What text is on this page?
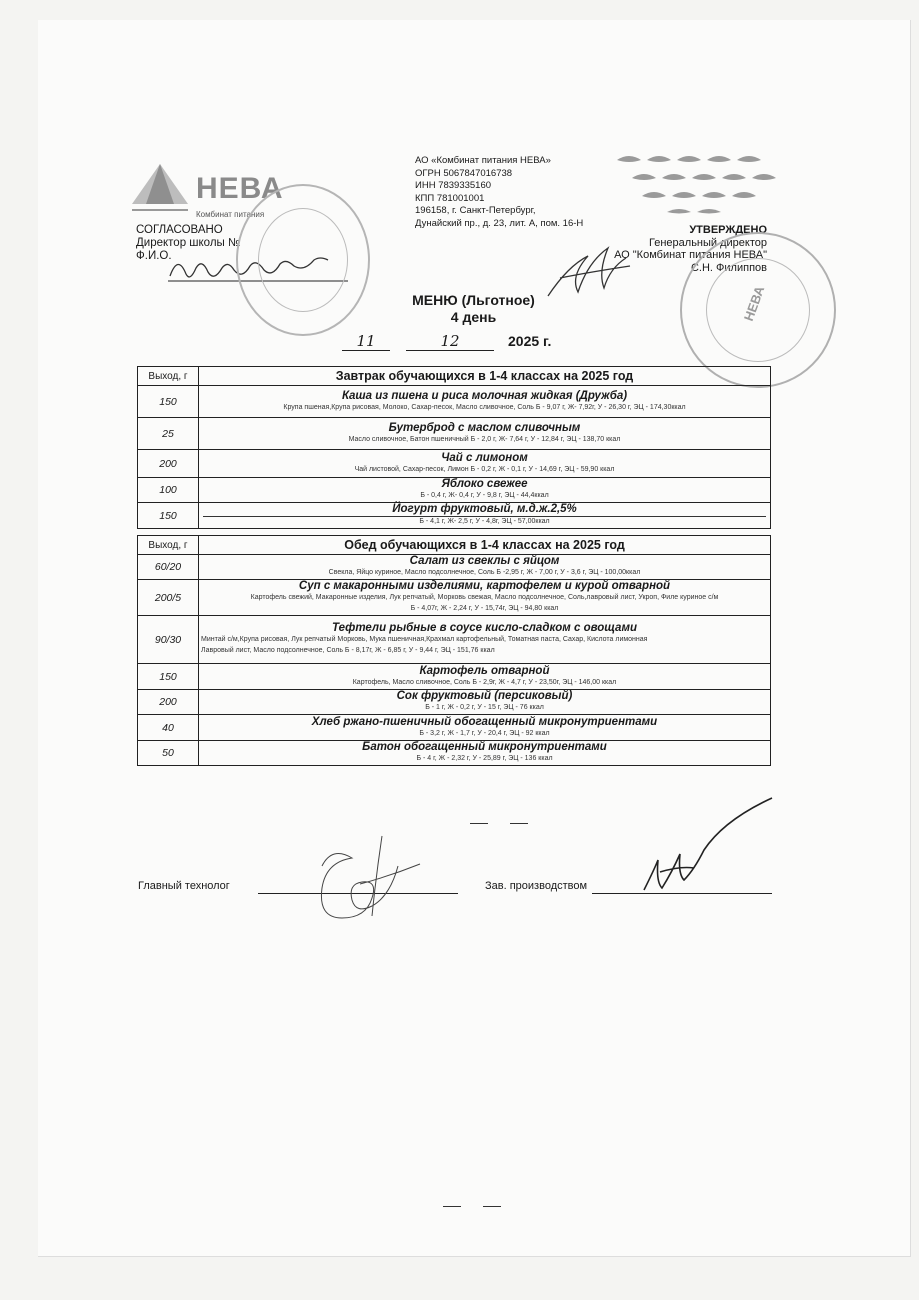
НЕВА
Комбинат питания
СОГЛАСОВАНО
Директор школы №
Ф.И.О.
АО «Комбинат питания НЕВА»
ОГРН 5067847016738
ИНН 7839335160
КПП 781001001
196158, г. Санкт-Петербург,
Дунайский пр., д. 23, лит. А, пом. 16-Н
УТВЕРЖДЕНО
Генеральный директор
АО "Комбинат питания НЕВА"
С.Н. Филиппов
НЕВА
МЕНЮ (Льготное)
4 день
11	12	2025 г.
Выход, г	Завтрак обучающихся в 1-4 классах на 2025 год
150	Каша из пшена и риса молочная жидкая (Дружба)
Крупа пшеная,Крупа рисовая, Молоко, Сахар-песок, Масло сливочное, Соль Б - 9,07 г, Ж- 7,92г, У - 26,30 г, ЭЦ - 174,30ккал

25	Бутерброд с маслом сливочным
Масло сливочное, Батон пшеничный Б - 2,0 г, Ж- 7,64 г, У - 12,84 г, ЭЦ - 138,70 ккал

200	Чай с лимоном
Чай листовой, Сахар-песок, Лимон Б - 0,2 г, Ж - 0,1 г, У - 14,69 г, ЭЦ - 59,90 ккал

100	Яблоко свежее
Б - 0,4 г, Ж- 0,4 г, У - 9,8 г, ЭЦ - 44,4ккал

150	Йогурт фруктовый, м.д.ж.2,5%
Б - 4,1 г, Ж- 2,5 г, У - 4,8г, ЭЦ - 57,00ккал
Выход, г	Обед обучающихся в 1-4 классах на 2025 год
60/20	Салат из свеклы с яйцом
Свекла, Яйцо куриное, Масло подсолнечное, Соль Б -2,95 г, Ж - 7,00 г, У - 3,6 г, ЭЦ - 100,00ккал

200/5	Суп с макаронными изделиями, картофелем и курой отварной
Картофель свежий, Макаронные изделия, Лук репчатый, Морковь свежая, Масло подсолнечное, Соль,лавровый лист, Укроп, Филе куриное с/м
Б - 4,07г, Ж - 2,24 г, У - 15,74г, ЭЦ - 94,80 ккал

90/30	Тефтели рыбные в соусе кисло-сладком с овощами
Минтай с/м,Крупа рисовая, Лук репчатый Морковь, Мука пшеничная,Крахмал картофельный, Томатная паста, Сахар, Кислота лимонная
Лавровый лист, Масло подсолнечное, Соль Б - 8,17г, Ж - 6,85 г, У - 9,44 г, ЭЦ - 151,76 ккал

150	Картофель отварной
Картофель, Масло сливочное, Соль Б - 2,9г, Ж - 4,7 г, У - 23,50г, ЭЦ - 146,00 ккал

200	Сок фруктовый (персиковый)
Б - 1 г, Ж - 0,2 г, У - 15 г, ЭЦ - 76 ккал

40	Хлеб ржано-пшеничный обогащенный микронутриентами
Б - 3,2 г, Ж - 1,7 г, У - 20,4 г, ЭЦ - 92 ккал

50	Батон обогащенный микронутриентами
Б - 4 г, Ж - 2,32 г, У - 25,89 г, ЭЦ - 136 ккал
Главный технолог	Зав. производством
